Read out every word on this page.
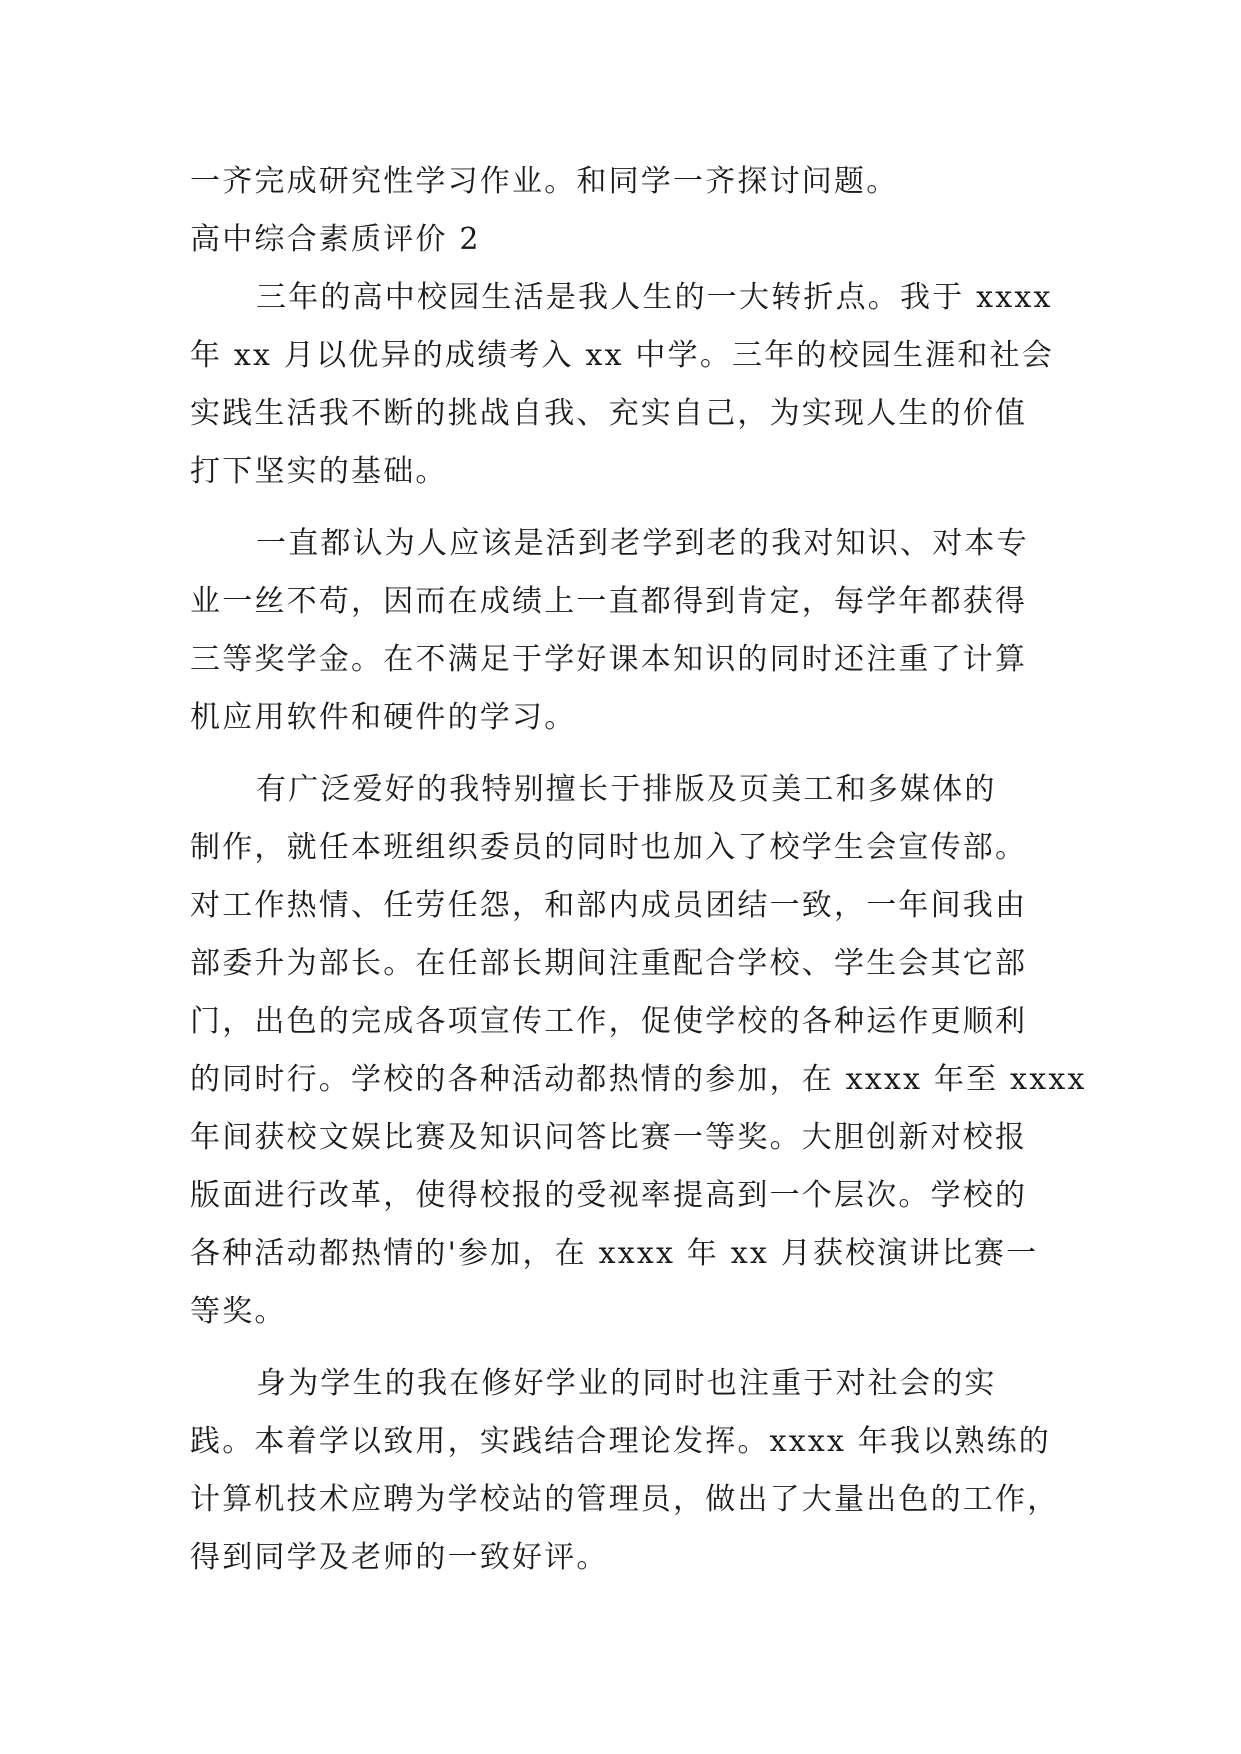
一齐完成研究性学习作业。和同学一齐探讨问题。
高中综合素质评价 2
三年的高中校园生活是我人生的一大转折点。我于 xxxx
年 xx 月以优异的成绩考入 xx 中学。三年的校园生涯和社会
实践生活我不断的挑战自我、充实自己，为实现人生的价值
打下坚实的基础。
一直都认为人应该是活到老学到老的我对知识、对本专
业一丝不苟，因而在成绩上一直都得到肯定，每学年都获得
三等奖学金。在不满足于学好课本知识的同时还注重了计算
机应用软件和硬件的学习。
有广泛爱好的我特别擅长于排版及页美工和多媒体的
制作，就任本班组织委员的同时也加入了校学生会宣传部。
对工作热情、任劳任怨，和部内成员团结一致，一年间我由
部委升为部长。在任部长期间注重配合学校、学生会其它部
门，出色的完成各项宣传工作，促使学校的各种运作更顺利
的同时行。学校的各种活动都热情的参加，在 xxxx 年至 xxxx
年间获校文娱比赛及知识问答比赛一等奖。大胆创新对校报
版面进行改革，使得校报的受视率提高到一个层次。学校的
各种活动都热情的'参加，在 xxxx 年 xx 月获校演讲比赛一
等奖。
身为学生的我在修好学业的同时也注重于对社会的实
践。本着学以致用，实践结合理论发挥。xxxx 年我以熟练的
计算机技术应聘为学校站的管理员，做出了大量出色的工作，
得到同学及老师的一致好评。
